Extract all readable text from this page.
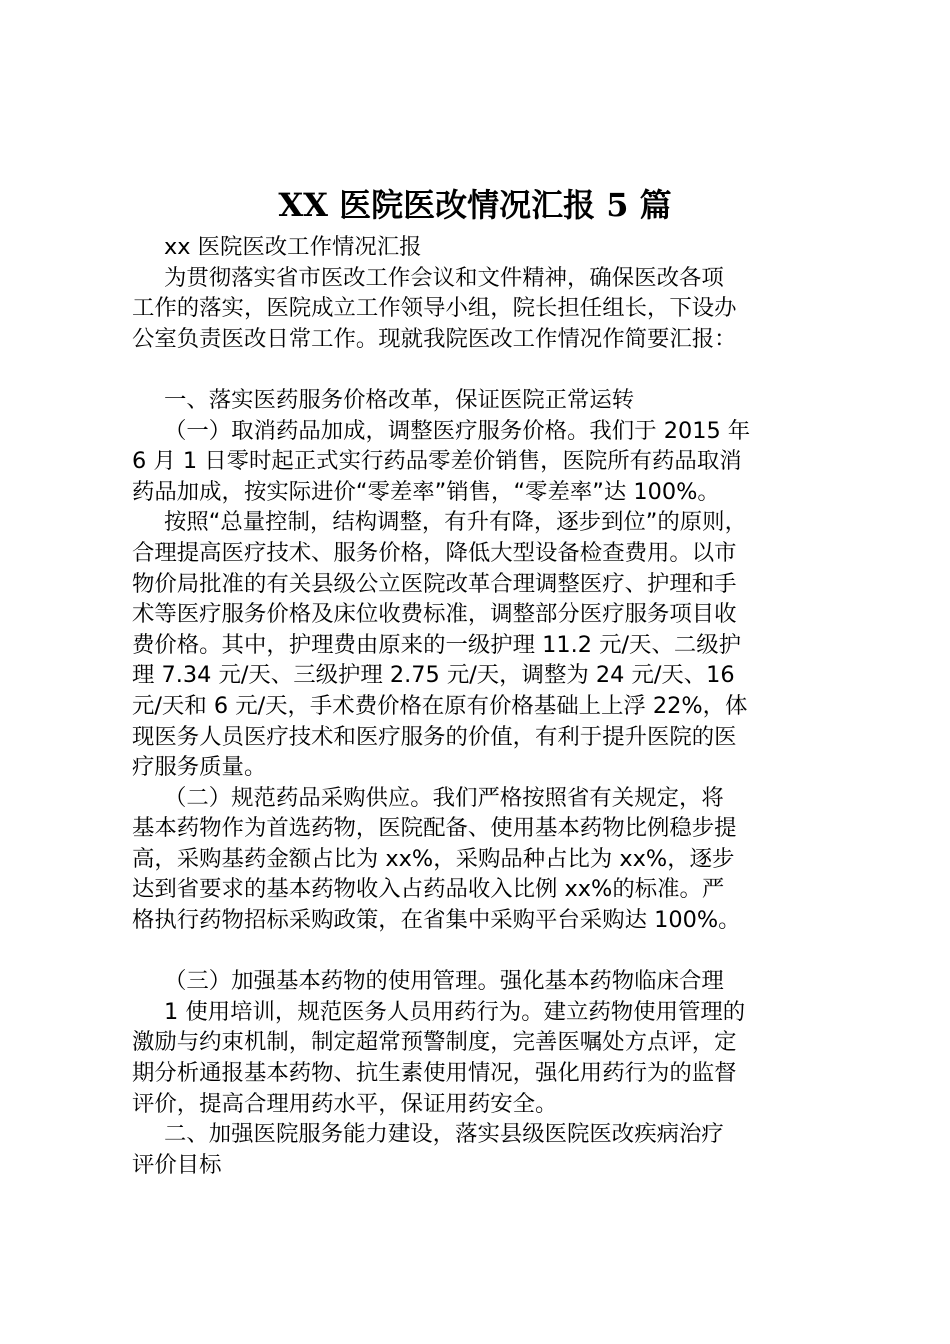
XX 医院医改情况汇报 5 篇
xx 医院医改工作情况汇报
为贯彻落实省市医改工作会议和文件精神，确保医改各项
工作的落实，医院成立工作领导小组，院长担任组长，下设办
公室负责医改日常工作。现就我院医改工作情况作简要汇报：
一、落实医药服务价格改革，保证医院正常运转
（一）取消药品加成，调整医疗服务价格。我们于 2015 年
6 月 1 日零时起正式实行药品零差价销售，医院所有药品取消
药品加成，按实际进价“零差率”销售，“零差率”达 100%。
按照“总量控制，结构调整，有升有降，逐步到位”的原则，
合理提高医疗技术、服务价格，降低大型设备检查费用。以市
物价局批准的有关县级公立医院改革合理调整医疗、护理和手
术等医疗服务价格及床位收费标准，调整部分医疗服务项目收
费价格。其中，护理费由原来的一级护理 11.2 元/天、二级护
理 7.34 元/天、三级护理 2.75 元/天，调整为 24 元/天、16
元/天和 6 元/天，手术费价格在原有价格基础上上浮 22%，体
现医务人员医疗技术和医疗服务的价值，有利于提升医院的医
疗服务质量。
（二）规范药品采购供应。我们严格按照省有关规定，将
基本药物作为首选药物，医院配备、使用基本药物比例稳步提
高，采购基药金额占比为 xx%，采购品种占比为 xx%，逐步
达到省要求的基本药物收入占药品收入比例 xx%的标准。严
格执行药物招标采购政策，在省集中采购平台采购达 100%。
（三）加强基本药物的使用管理。强化基本药物临床合理
1 使用培训，规范医务人员用药行为。建立药物使用管理的
激励与约束机制，制定超常预警制度，完善医嘱处方点评，定
期分析通报基本药物、抗生素使用情况，强化用药行为的监督
评价，提高合理用药水平，保证用药安全。
二、加强医院服务能力建设，落实县级医院医改疾病治疗
评价目标
